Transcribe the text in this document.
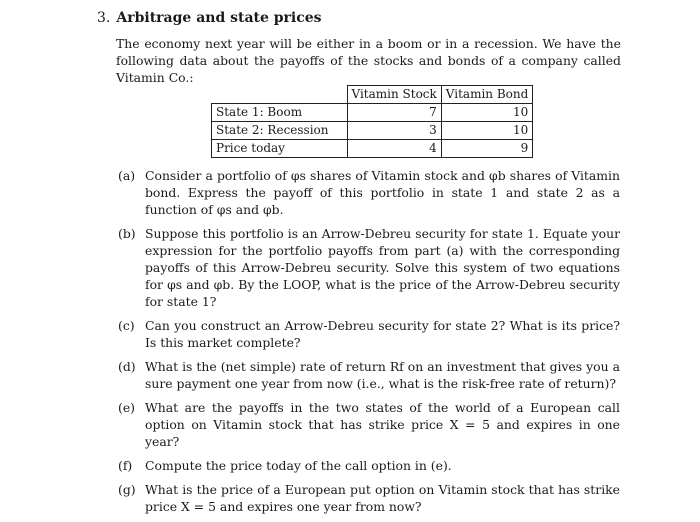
3. Arbitrage and state prices
The economy next year will be either in a boom or in a recession. We have the following data about the payoffs of the stocks and bonds of a company called Vitamin Co.:
	Vitamin Stock	Vitamin Bond
State 1: Boom	7	10
State 2: Recession	3	10
Price today	4	9
(a) Consider a portfolio of φs shares of Vitamin stock and φb shares of Vitamin bond. Express the payoff of this portfolio in state 1 and state 2 as a function of φs and φb.
(b) Suppose this portfolio is an Arrow-Debreu security for state 1. Equate your expression for the portfolio payoffs from part (a) with the corresponding payoffs of this Arrow-Debreu security. Solve this system of two equations for φs and φb. By the LOOP, what is the price of the Arrow-Debreu security for state 1?
(c) Can you construct an Arrow-Debreu security for state 2? What is its price? Is this market complete?
(d) What is the (net simple) rate of return Rf on an investment that gives you a sure payment one year from now (i.e., what is the risk-free rate of return)?
(e) What are the payoffs in the two states of the world of a European call option on Vitamin stock that has strike price X = 5 and expires in one year?
(f) Compute the price today of the call option in (e).
(g) What is the price of a European put option on Vitamin stock that has strike price X = 5 and expires one year from now?
